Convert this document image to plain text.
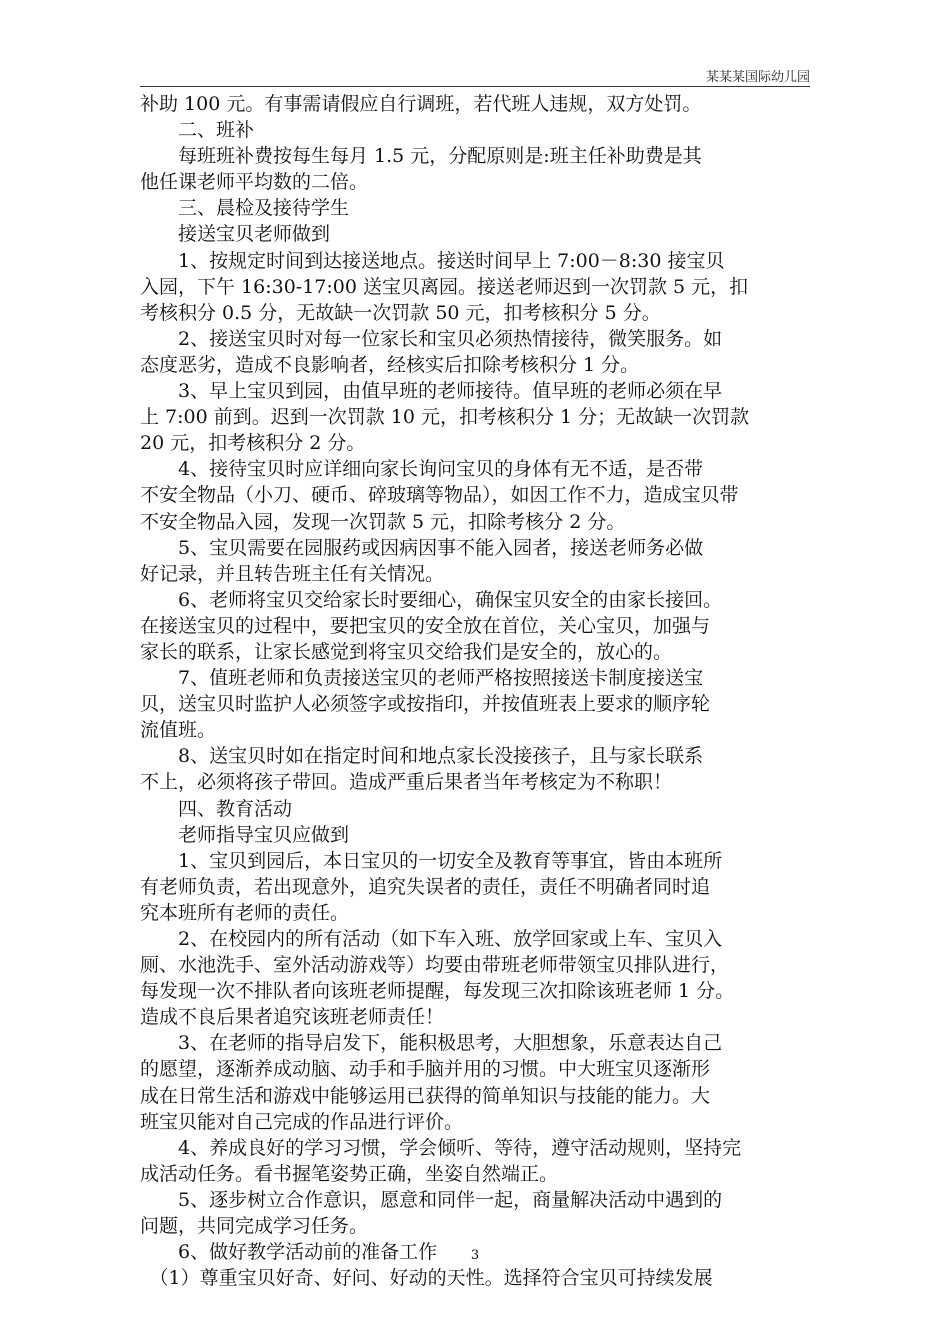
某某某国际幼儿园

补助 100 元。有事需请假应自行调班，若代班人违规，双方处罚。

　　二、班补

　　每班班补费按每生每月 1.5 元，分配原则是:班主任补助费是其

他任课老师平均数的二倍。

　　三、晨检及接待学生

　　接送宝贝老师做到

　　1、按规定时间到达接送地点。接送时间早上 7:00－8:30 接宝贝

入园，下午 16:30-17:00 送宝贝离园。接送老师迟到一次罚款 5 元，扣

考核积分 0.5 分，无故缺一次罚款 50 元，扣考核积分 5 分。

　　2、接送宝贝时对每一位家长和宝贝必须热情接待，微笑服务。如

态度恶劣，造成不良影响者，经核实后扣除考核积分 1 分。

　　3、早上宝贝到园，由值早班的老师接待。值早班的老师必须在早

上 7:00 前到。迟到一次罚款 10 元，扣考核积分 1 分；无故缺一次罚款

20 元，扣考核积分 2 分。

　　4、接待宝贝时应详细向家长询问宝贝的身体有无不适，是否带

不安全物品（小刀、硬币、碎玻璃等物品），如因工作不力，造成宝贝带

不安全物品入园，发现一次罚款 5 元，扣除考核分 2 分。

　　5、宝贝需要在园服药或因病因事不能入园者，接送老师务必做

好记录，并且转告班主任有关情况。

　　6、老师将宝贝交给家长时要细心，确保宝贝安全的由家长接回。

在接送宝贝的过程中，要把宝贝的安全放在首位，关心宝贝，加强与

家长的联系，让家长感觉到将宝贝交给我们是安全的，放心的。

　　7、值班老师和负责接送宝贝的老师严格按照接送卡制度接送宝

贝，送宝贝时监护人必须签字或按指印，并按值班表上要求的顺序轮

流值班。

　　8、送宝贝时如在指定时间和地点家长没接孩子，且与家长联系

不上，必须将孩子带回。造成严重后果者当年考核定为不称职！

　　四、教育活动

　　老师指导宝贝应做到

　　1、宝贝到园后，本日宝贝的一切安全及教育等事宜，皆由本班所

有老师负责，若出现意外，追究失误者的责任，责任不明确者同时追

究本班所有老师的责任。

　　2、在校园内的所有活动（如下车入班、放学回家或上车、宝贝入

厕、水池洗手、室外活动游戏等）均要由带班老师带领宝贝排队进行，

每发现一次不排队者向该班老师提醒，每发现三次扣除该班老师 1 分。

造成不良后果者追究该班老师责任！

　　3、在老师的指导启发下，能积极思考，大胆想象，乐意表达自己

的愿望，逐渐养成动脑、动手和手脑并用的习惯。中大班宝贝逐渐形

成在日常生活和游戏中能够运用已获得的简单知识与技能的能力。大

班宝贝能对自己完成的作品进行评价。

　　4、养成良好的学习习惯，学会倾听、等待，遵守活动规则，坚持完

成活动任务。看书握笔姿势正确，坐姿自然端正。

　　5、逐步树立合作意识，愿意和同伴一起，商量解决活动中遇到的

问题，共同完成学习任务。

　　6、做好教学活动前的准备工作

　（1）尊重宝贝好奇、好问、好动的天性。选择符合宝贝可持续发展

3
